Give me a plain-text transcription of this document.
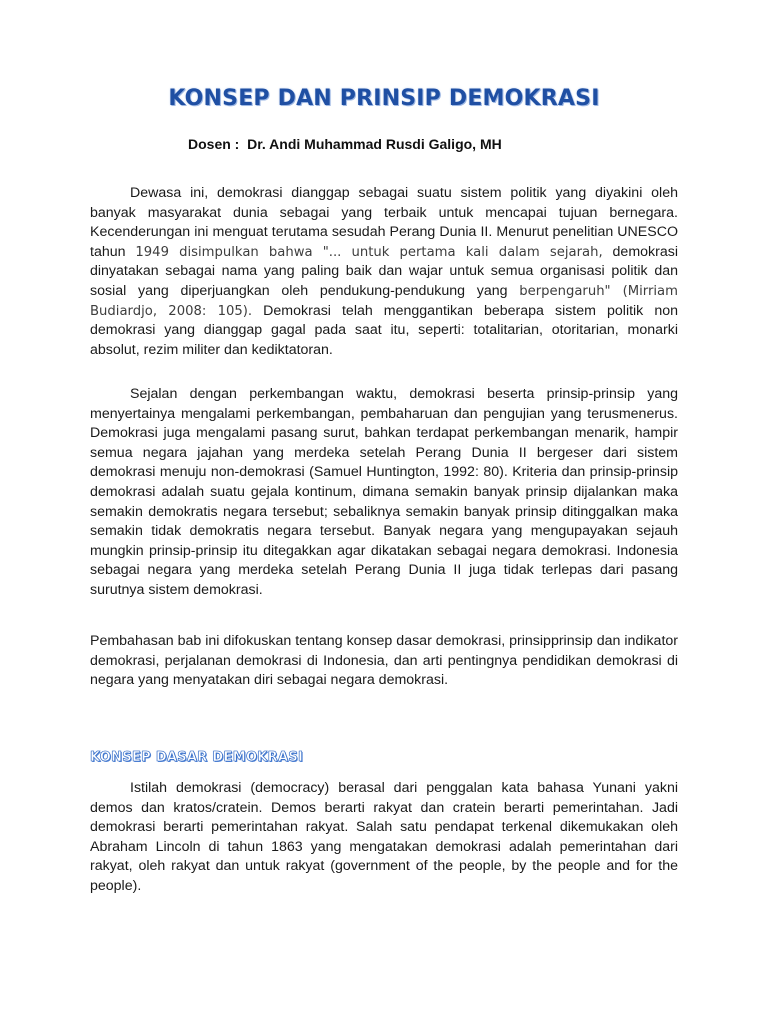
KONSEP DAN PRINSIP DEMOKRASI

Dosen : Dr. Andi Muhammad Rusdi Galigo, MH

Dewasa ini, demokrasi dianggap sebagai suatu sistem politik yang diyakini oleh banyak masyarakat dunia sebagai yang terbaik untuk mencapai tujuan bernegara. Kecenderungan ini menguat terutama sesudah Perang Dunia II. Menurut penelitian UNESCO tahun 1949 disimpulkan bahwa "... untuk pertama kali dalam sejarah, demokrasi dinyatakan sebagai nama yang paling baik dan wajar untuk semua organisasi politik dan sosial yang diperjuangkan oleh pendukung-pendukung yang berpengaruh" (Mirriam Budiardjo, 2008: 105). Demokrasi telah menggantikan beberapa sistem politik non demokrasi yang dianggap gagal pada saat itu, seperti: totalitarian, otoritarian, monarki absolut, rezim militer dan kediktatoran.

Sejalan dengan perkembangan waktu, demokrasi beserta prinsip-prinsip yang menyertainya mengalami perkembangan, pembaharuan dan pengujian yang terusmenerus. Demokrasi juga mengalami pasang surut, bahkan terdapat perkembangan menarik, hampir semua negara jajahan yang merdeka setelah Perang Dunia II bergeser dari sistem demokrasi menuju non-demokrasi (Samuel Huntington, 1992: 80). Kriteria dan prinsip-prinsip demokrasi adalah suatu gejala kontinum, dimana semakin banyak prinsip dijalankan maka semakin demokratis negara tersebut; sebaliknya semakin banyak prinsip ditinggalkan maka semakin tidak demokratis negara tersebut. Banyak negara yang mengupayakan sejauh mungkin prinsip-prinsip itu ditegakkan agar dikatakan sebagai negara demokrasi. Indonesia sebagai negara yang merdeka setelah Perang Dunia II juga tidak terlepas dari pasang surutnya sistem demokrasi.

Pembahasan bab ini difokuskan tentang konsep dasar demokrasi, prinsipprinsip dan indikator demokrasi, perjalanan demokrasi di Indonesia, dan arti pentingnya pendidikan demokrasi di negara yang menyatakan diri sebagai negara demokrasi.

KONSEP DASAR DEMOKRASI

Istilah demokrasi (democracy) berasal dari penggalan kata bahasa Yunani yakni demos dan kratos/cratein. Demos berarti rakyat dan cratein berarti pemerintahan. Jadi demokrasi berarti pemerintahan rakyat. Salah satu pendapat terkenal dikemukakan oleh Abraham Lincoln di tahun 1863 yang mengatakan demokrasi adalah pemerintahan dari rakyat, oleh rakyat dan untuk rakyat (government of the people, by the people and for the people).
